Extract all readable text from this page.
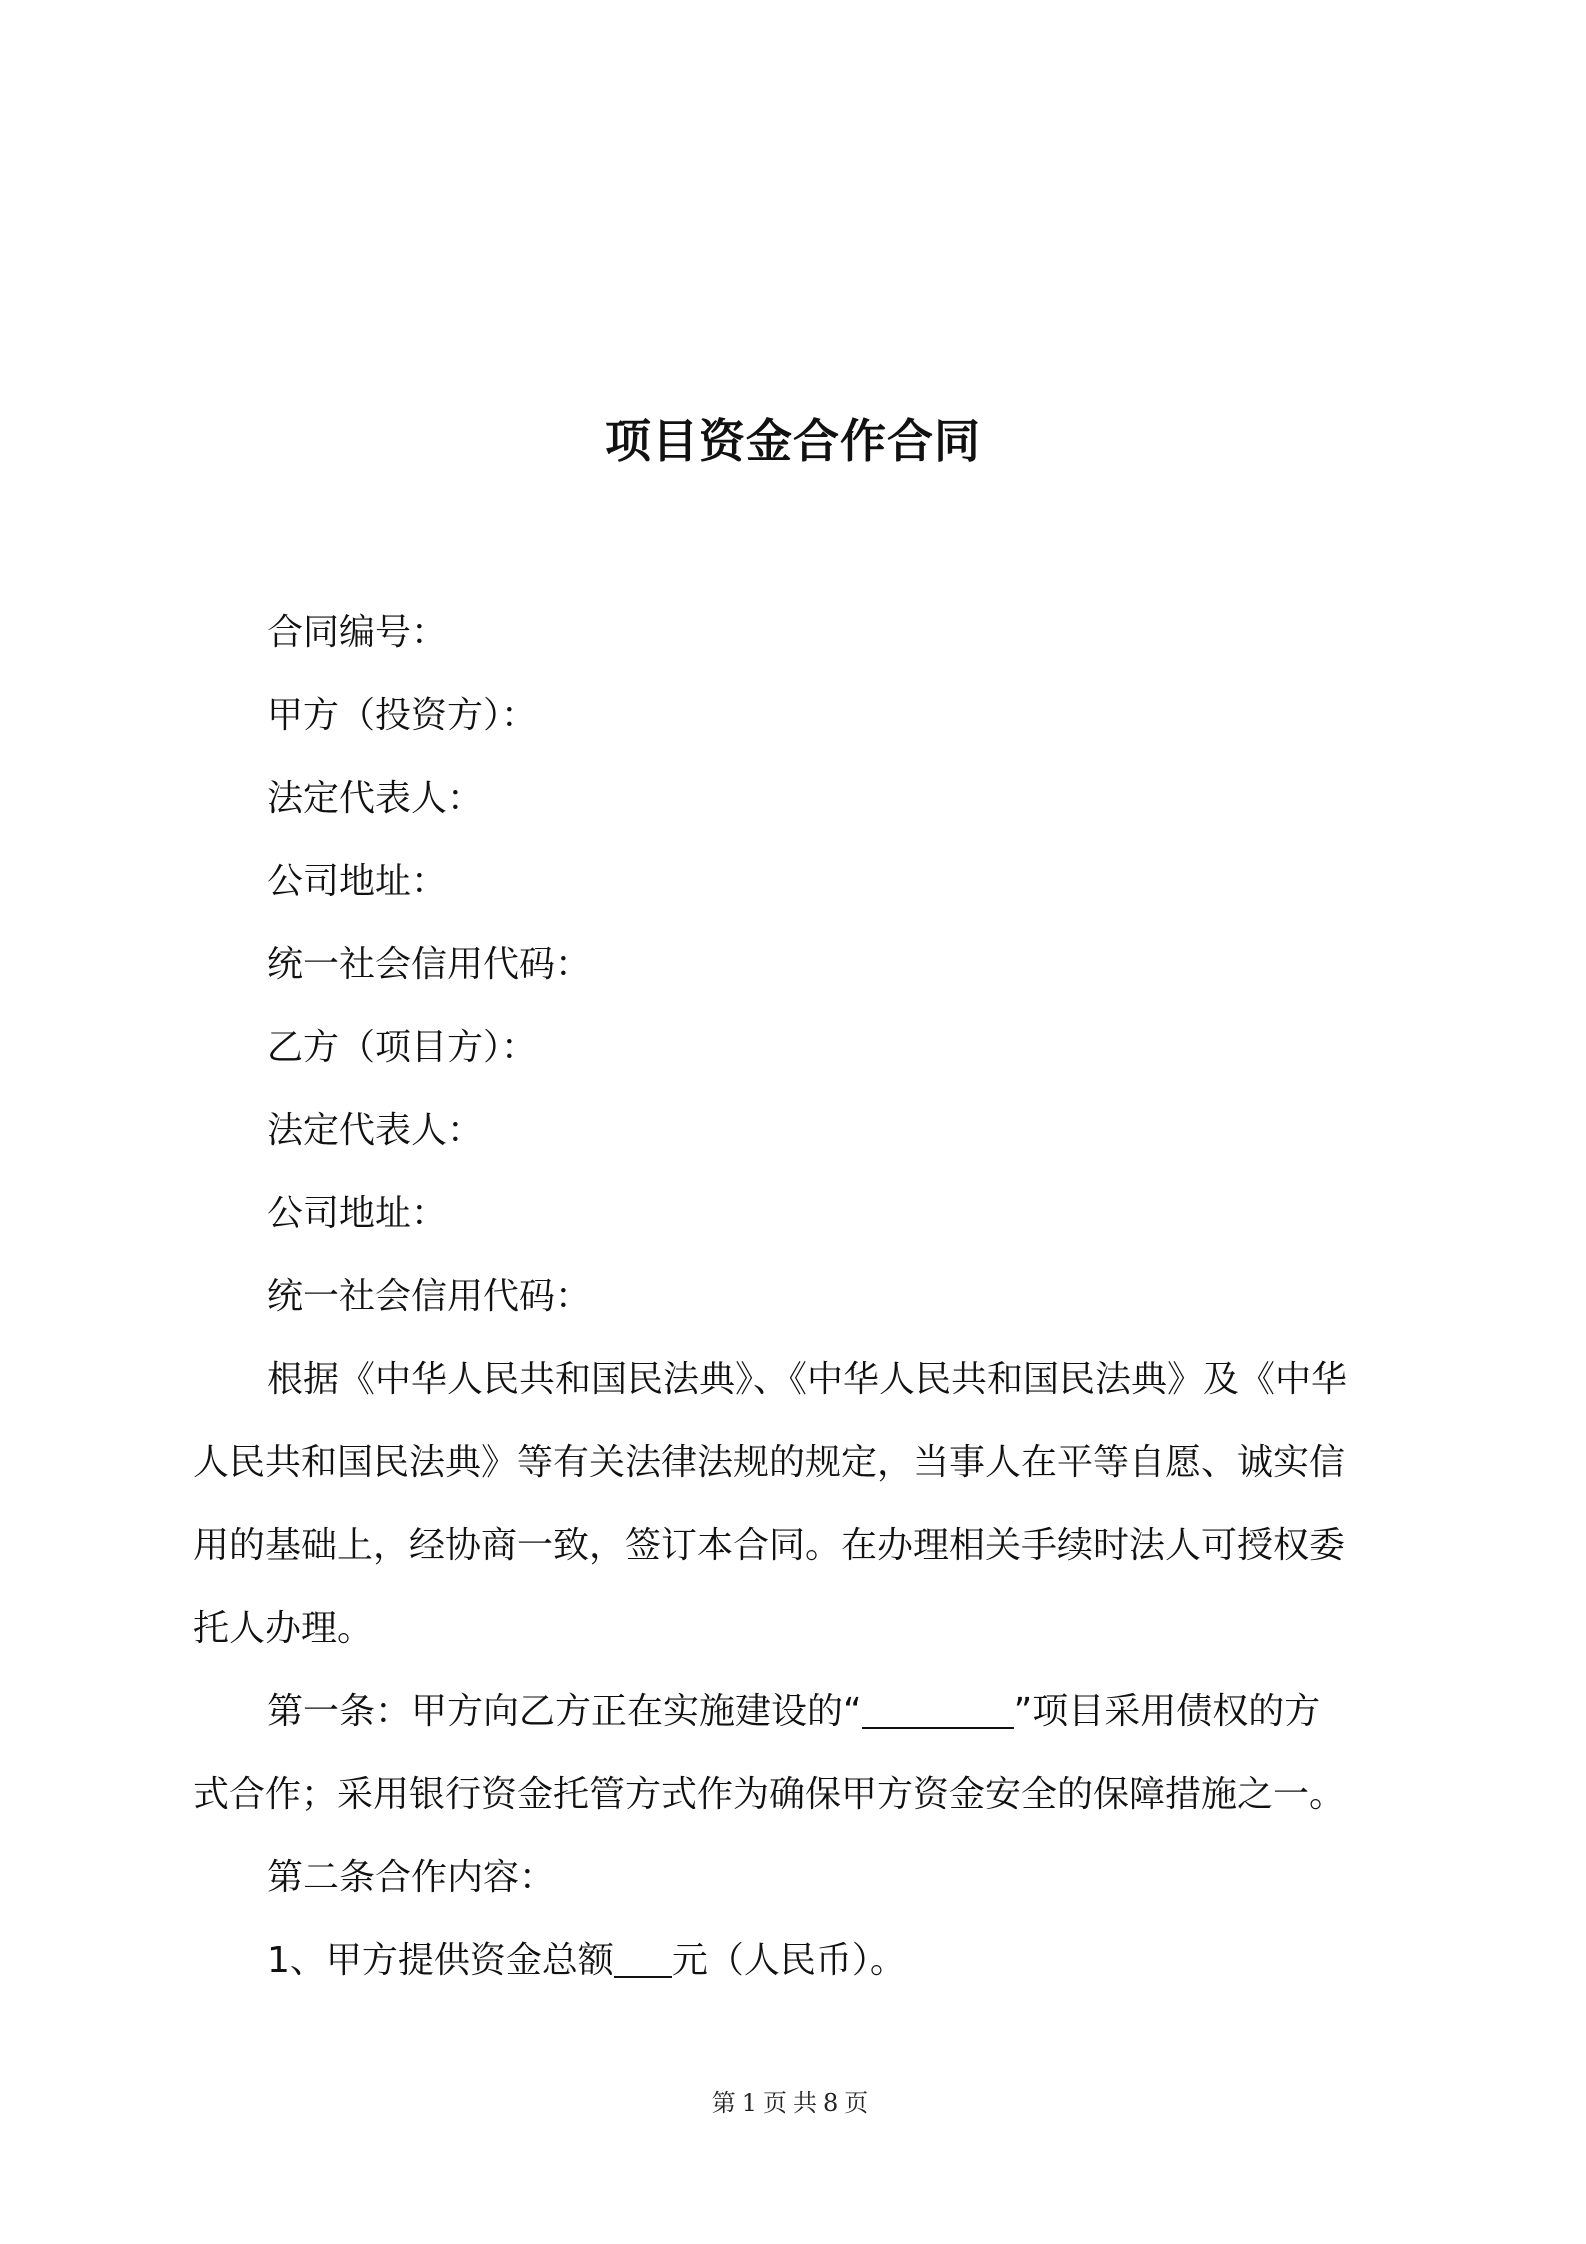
项目资金合作合同
合同编号：
甲方（投资方）：
法定代表人：
公司地址：
统一社会信用代码：
乙方（项目方）：
法定代表人：
公司地址：
统一社会信用代码：
根据《中华人民共和国民法典》、《中华人民共和国民法典》及《中华
人民共和国民法典》等有关法律法规的规定，当事人在平等自愿、诚实信
用的基础上，经协商一致，签订本合同。在办理相关手续时法人可授权委
托人办理。
第一条：甲方向乙方正在实施建设的“	”项目采用债权的方
式合作；采用银行资金托管方式作为确保甲方资金安全的保障措施之一。
第二条合作内容：
1、甲方提供资金总额 元（人民币）。
第1页共8页
